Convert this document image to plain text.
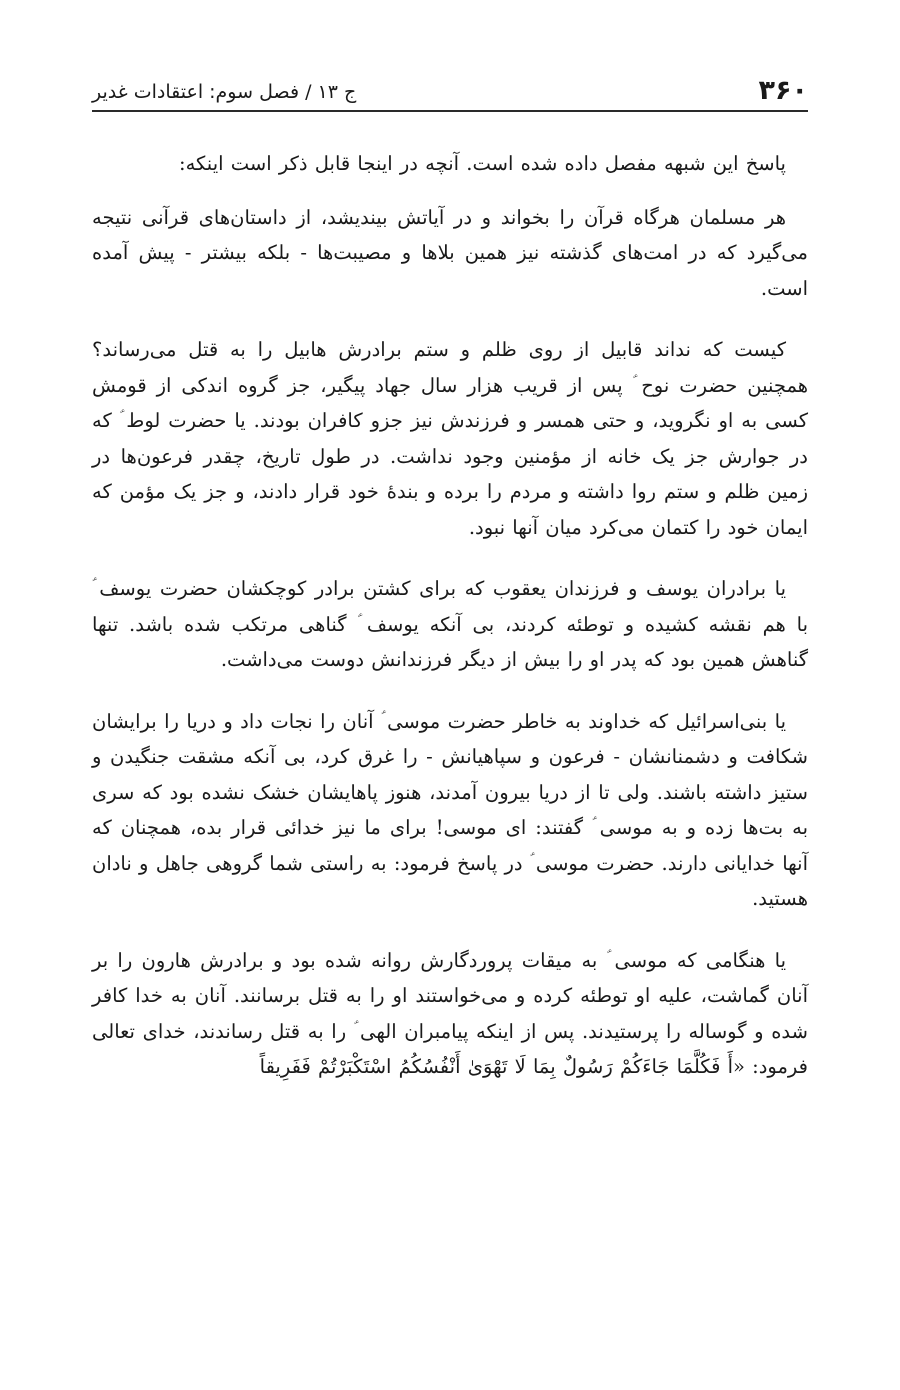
۳۶۰
ج ۱۳ / فصل سوم: اعتقادات غدیر

پاسخ این شبهه مفصل داده شده است. آنچه در اینجا قابل ذکر است اینکه:

هر مسلمان هرگاه قرآن را بخواند و در آیاتش بیندیشد، از داستان‌های قرآنی نتیجه می‌گیرد که در امت‌های گذشته نیز همین بلاها و مصیبت‌ها - بلکه بیشتر - پیش آمده است.

کیست که نداند قابیل از روی ظلم و ستم برادرش هابیل را به قتل می‌رساند؟ همچنین حضرت نوح ؑ پس از قریب هزار سال جهاد پیگیر، جز گروه اندکی از قومش کسی به او نگروید، و حتی همسر و فرزندش نیز جزو کافران بودند. یا حضرت لوط ؑ که در جوارش جز یک خانه از مؤمنین وجود نداشت. در طول تاریخ، چقدر فرعون‌ها در زمین ظلم و ستم روا داشته و مردم را برده و بندهٔ خود قرار دادند، و جز یک مؤمن که ایمان خود را کتمان می‌کرد میان آنها نبود.

یا برادران یوسف و فرزندان یعقوب که برای کشتن برادر کوچکشان حضرت یوسف ؑ با هم نقشه کشیده و توطئه کردند، بی آنکه یوسف ؑ گناهی مرتکب شده باشد. تنها گناهش همین بود که پدر او را بیش از دیگر فرزندانش دوست می‌داشت.

یا بنی‌اسرائیل که خداوند به خاطر حضرت موسی ؑ آنان را نجات داد و دریا را برایشان شکافت و دشمنانشان - فرعون و سپاهیانش - را غرق کرد، بی آنکه مشقت جنگیدن و ستیز داشته باشند. ولی تا از دریا بیرون آمدند، هنوز پاهایشان خشک نشده بود که سری به بت‌ها زده و به موسی ؑ گفتند: ای موسی! برای ما نیز خدائی قرار بده، همچنان که آنها خدایانی دارند. حضرت موسی ؑ در پاسخ فرمود: به راستی شما گروهی جاهل و نادان هستید.

یا هنگامی که موسی ؑ به میقات پروردگارش روانه شده بود و برادرش هارون را بر آنان گماشت، علیه او توطئه کرده و می‌خواستند او را به قتل برسانند. آنان به خدا کافر شده و گوساله را پرستیدند. پس از اینکه پیامبران الهی ؑ را به قتل رساندند، خدای تعالی فرمود: «أَ فَكُلَّمَا جَاءَكُمْ رَسُولٌ بِمَا لَا تَهْوَىٰ أَنْفُسُكُمُ اسْتَكْبَرْتُمْ فَفَرِيقاً
